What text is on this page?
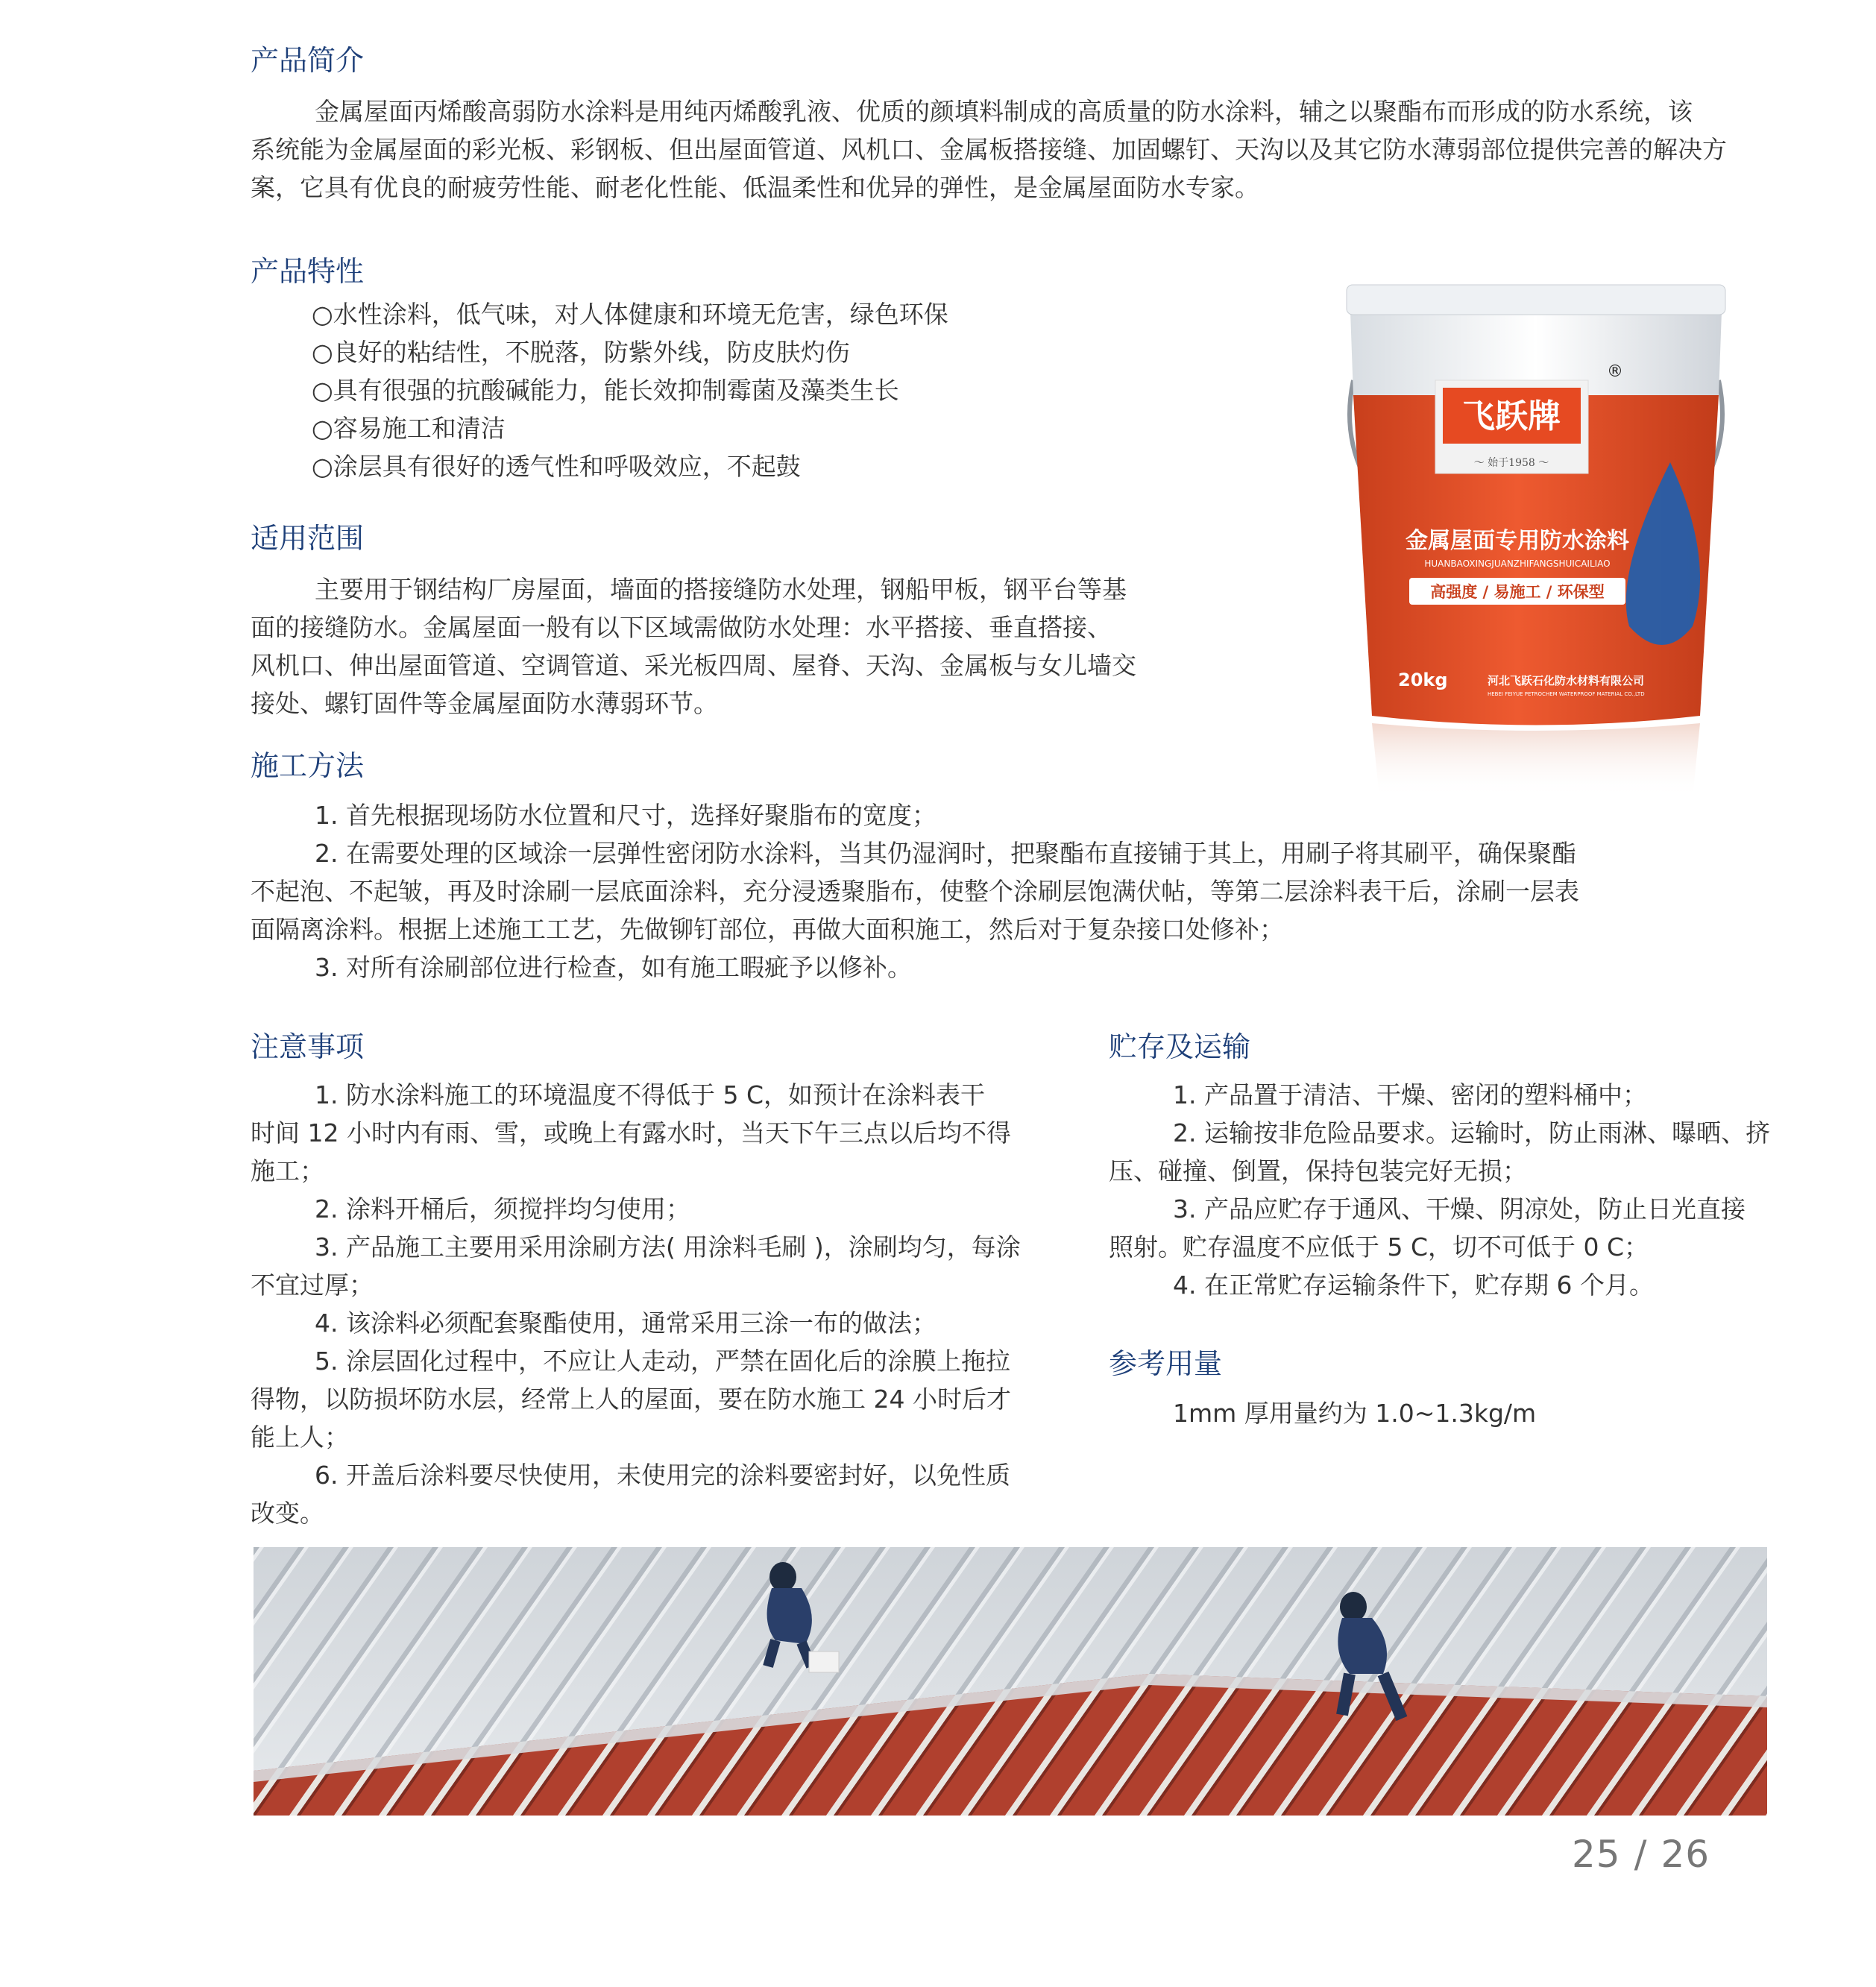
产品简介
金属屋面丙烯酸高弱防水涂料是用纯丙烯酸乳液、优质的颜填料制成的高质量的防水涂料，辅之以聚酯布而形成的防水系统，该
系统能为金属屋面的彩光板、彩钢板、但出屋面管道、风机口、金属板搭接缝、加固螺钉、天沟以及其它防水薄弱部位提供完善的解决方
案，它具有优良的耐疲劳性能、耐老化性能、低温柔性和优异的弹性，是金属屋面防水专家。
产品特性
○水性涂料，低气味，对人体健康和环境无危害，绿色环保
○良好的粘结性，不脱落，防紫外线，防皮肤灼伤
○具有很强的抗酸碱能力，能长效抑制霉菌及藻类生长
○容易施工和清洁
○涂层具有很好的透气性和呼吸效应，不起鼓
适用范围
主要用于钢结构厂房屋面，墙面的搭接缝防水处理，钢船甲板，钢平台等基
面的接缝防水。金属屋面一般有以下区域需做防水处理：水平搭接、垂直搭接、
风机口、伸出屋面管道、空调管道、采光板四周、屋脊、天沟、金属板与女儿墙交
接处、螺钉固件等金属屋面防水薄弱环节。
施工方法
1. 首先根据现场防水位置和尺寸，选择好聚脂布的宽度；
2. 在需要处理的区域涂一层弹性密闭防水涂料，当其仍湿润时，把聚酯布直接铺于其上，用刷子将其刷平，确保聚酯
不起泡、不起皱，再及时涂刷一层底面涂料，充分浸透聚脂布，使整个涂刷层饱满伏帖，等第二层涂料表干后，涂刷一层表
面隔离涂料。根据上述施工工艺，先做铆钉部位，再做大面积施工，然后对于复杂接口处修补；
3. 对所有涂刷部位进行检查，如有施工暇疵予以修补。
注意事项
1. 防水涂料施工的环境温度不得低于 5 C，如预计在涂料表干
时间 12 小时内有雨、雪，或晚上有露水时，当天下午三点以后均不得
施工；
2. 涂料开桶后，须搅拌均匀使用；
3. 产品施工主要用采用涂刷方法( 用涂料毛刷 )，涂刷均匀，每涂
不宜过厚；
4. 该涂料必须配套聚酯使用，通常采用三涂一布的做法；
5. 涂层固化过程中，不应让人走动，严禁在固化后的涂膜上拖拉
得物，以防损坏防水层，经常上人的屋面，要在防水施工 24 小时后才
能上人；
6. 开盖后涂料要尽快使用，未使用完的涂料要密封好，以免性质
改变。
贮存及运输
1. 产品置于清洁、干燥、密闭的塑料桶中；
2. 运输按非危险品要求。运输时，防止雨淋、曝晒、挤
压、碰撞、倒置，保持包装完好无损；
3. 产品应贮存于通风、干燥、阴凉处，防止日光直接
照射。贮存温度不应低于 5 C，切不可低于 0 C；
4. 在正常贮存运输条件下，贮存期 6 个月。
参考用量
1mm 厚用量约为 1.0~1.3kg/m
飞跃牌
～ 始于1958 ～
®
金属屋面专用防水涂料
HUANBAOXINGJUANZHIFANGSHUICAILIAO
高强度 / 易施工 / 环保型
20kg	河北飞跃石化防水材料有限公司
HEBEI FEIYUE PETROCHEM WATERPROOF MATERIAL CO.,LTD
25 / 26
